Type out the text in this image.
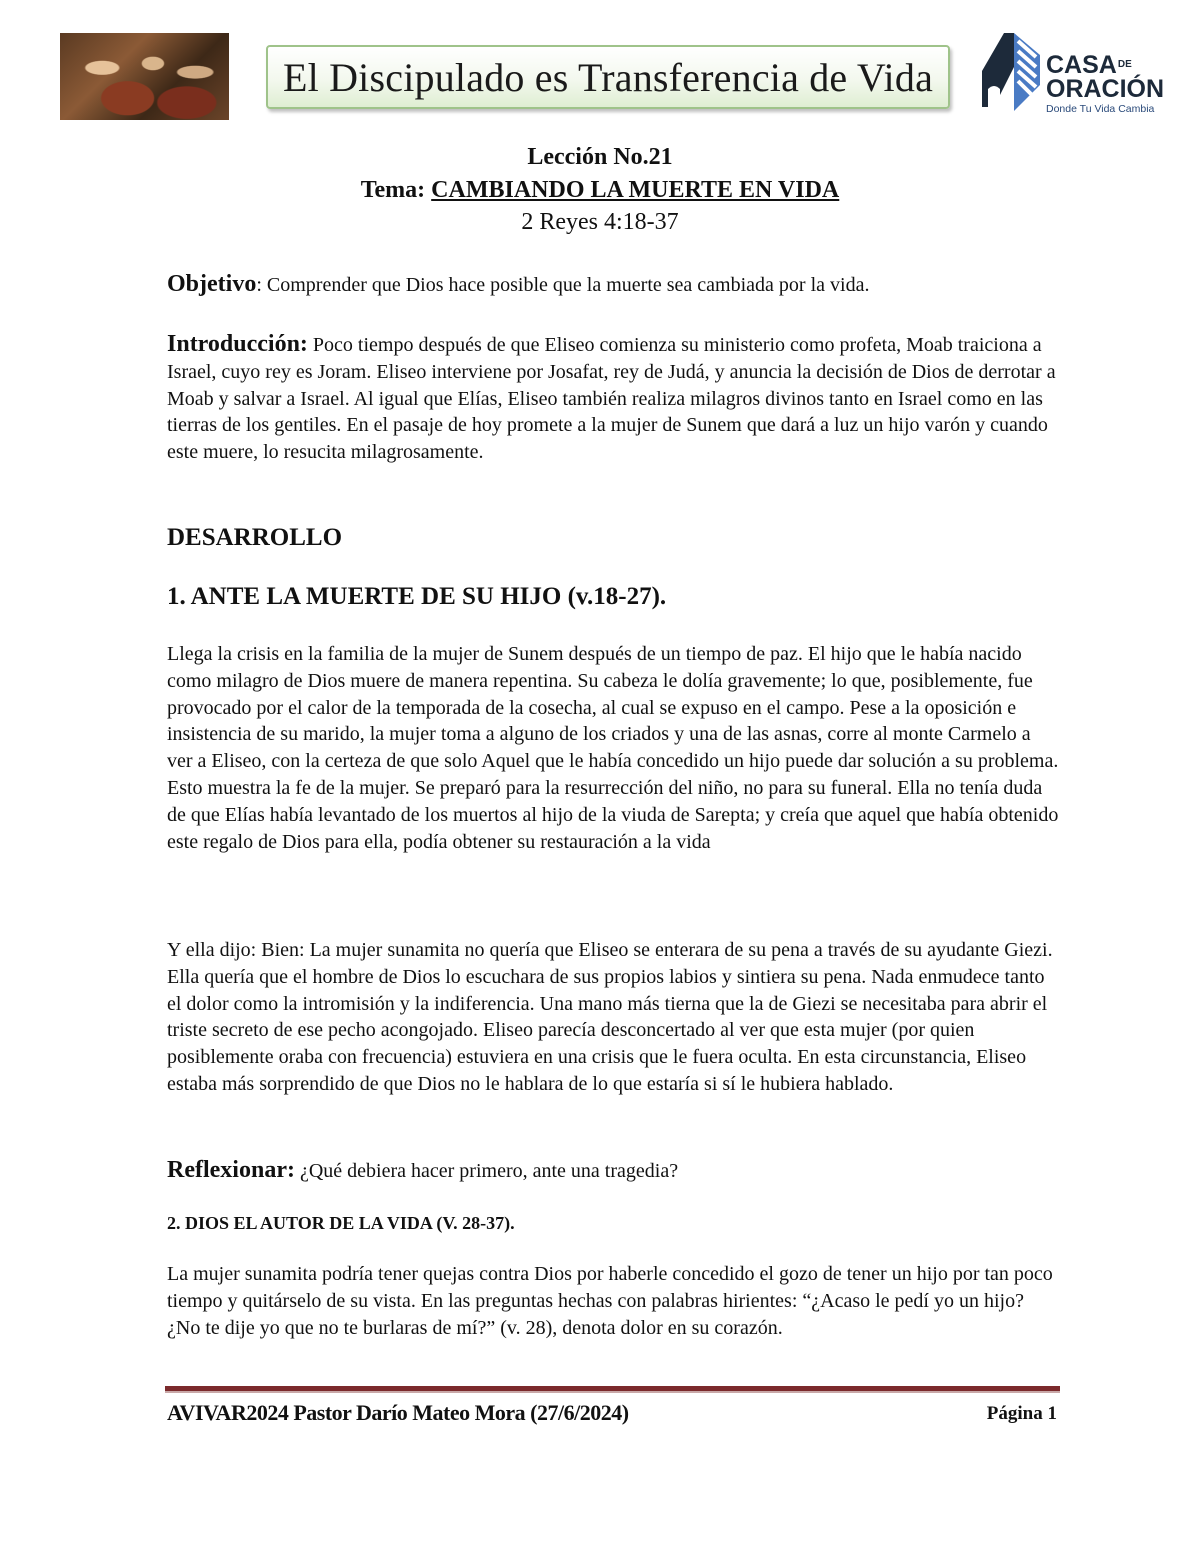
El Discipulado es Transferencia de Vida	$CASA^{DE}$
ORACIÓN
Donde Tu Vida Cambia
Lección No.21
Tema: CAMBIANDO LA MUERTE EN VIDA
2 Reyes 4:18-37
Objetivo: Comprender que Dios hace posible que la muerte sea cambiada por la vida.
Introducción: Poco tiempo después de que Eliseo comienza su ministerio como profeta, Moab traiciona a Israel, cuyo rey es Joram. Eliseo interviene por Josafat, rey de Judá, y anuncia la decisión de Dios de derrotar a Moab y salvar a Israel. Al igual que Elías, Eliseo también realiza milagros divinos tanto en Israel como en las tierras de los gentiles. En el pasaje de hoy promete a la mujer de Sunem que dará a luz un hijo varón y cuando este muere, lo resucita milagrosamente.
DESARROLLO
1. ANTE LA MUERTE DE SU HIJO (v.18-27).
Llega la crisis en la familia de la mujer de Sunem después de un tiempo de paz. El hijo que le había nacido como milagro de Dios muere de manera repentina. Su cabeza le dolía gravemente; lo que, posiblemente, fue provocado por el calor de la temporada de la cosecha, al cual se expuso en el campo. Pese a la oposición e insistencia de su marido, la mujer toma a alguno de los criados y una de las asnas, corre al monte Carmelo a ver a Eliseo, con la certeza de que solo Aquel que le había concedido un hijo puede dar solución a su problema. Esto muestra la fe de la mujer. Se preparó para la resurrección del niño, no para su funeral. Ella no tenía duda de que Elías había levantado de los muertos al hijo de la viuda de Sarepta; y creía que aquel que había obtenido este regalo de Dios para ella, podía obtener su restauración a la vida
Y ella dijo: Bien: La mujer sunamita no quería que Eliseo se enterara de su pena a través de su ayudante Giezi. Ella quería que el hombre de Dios lo escuchara de sus propios labios y sintiera su pena. Nada enmudece tanto el dolor como la intromisión y la indiferencia. Una mano más tierna que la de Giezi se necesitaba para abrir el triste secreto de ese pecho acongojado. Eliseo parecía desconcertado al ver que esta mujer (por quien posiblemente oraba con frecuencia) estuviera en una crisis que le fuera oculta. En esta circunstancia, Eliseo estaba más sorprendido de que Dios no le hablara de lo que estaría si sí le hubiera hablado.
Reflexionar: ¿Qué debiera hacer primero, ante una tragedia?
2. DIOS EL AUTOR DE LA VIDA (V. 28-37).
La mujer sunamita podría tener quejas contra Dios por haberle concedido el gozo de tener un hijo por tan poco tiempo y quitárselo de su vista. En las preguntas hechas con palabras hirientes: “¿Acaso le pedí yo un hijo? ¿No te dije yo que no te burlaras de mí?” (v. 28), denota dolor en su corazón.
AVIVAR2024 Pastor Darío Mateo Mora (27/6/2024)	Página 1
